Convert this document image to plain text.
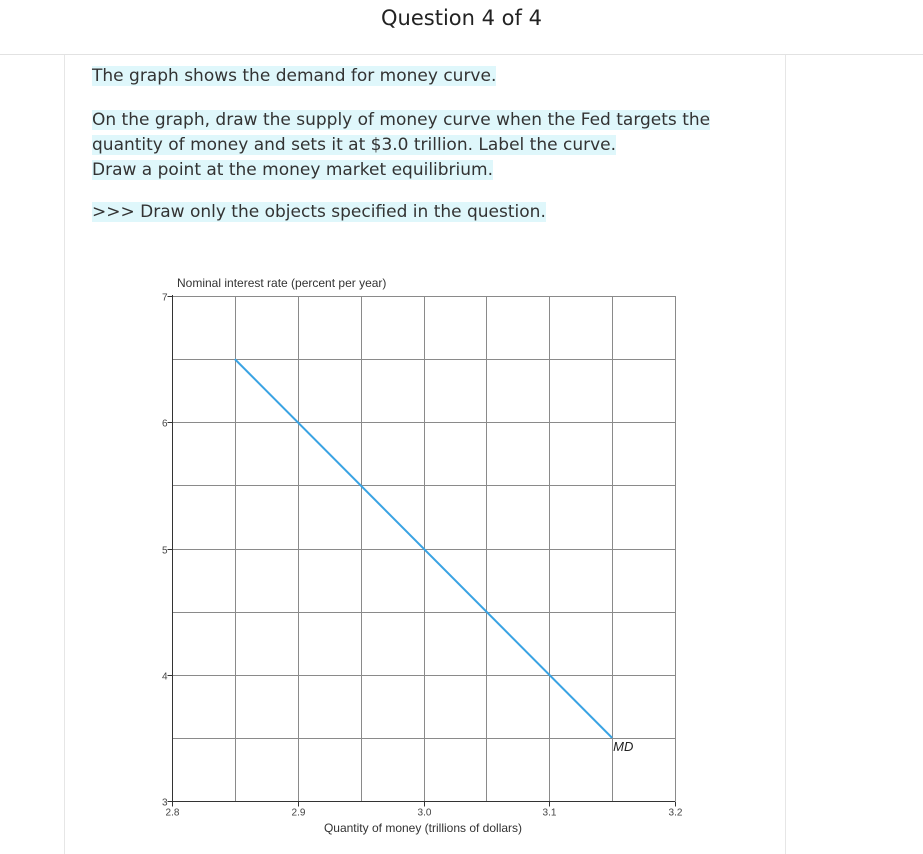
Question 4 of 4
The graph shows the demand for money curve.
On the graph, draw the supply of money curve when the Fed targets the
quantity of money and sets it at $3.0 trillion. Label the curve.
Draw a point at the money market equilibrium.
>>> Draw only the objects specified in the question.
3
4
5
6
7
2.8	2.9	3.0	3.1	3.2
MD
Nominal interest rate (percent per year)
Quantity of money (trillions of dollars)
